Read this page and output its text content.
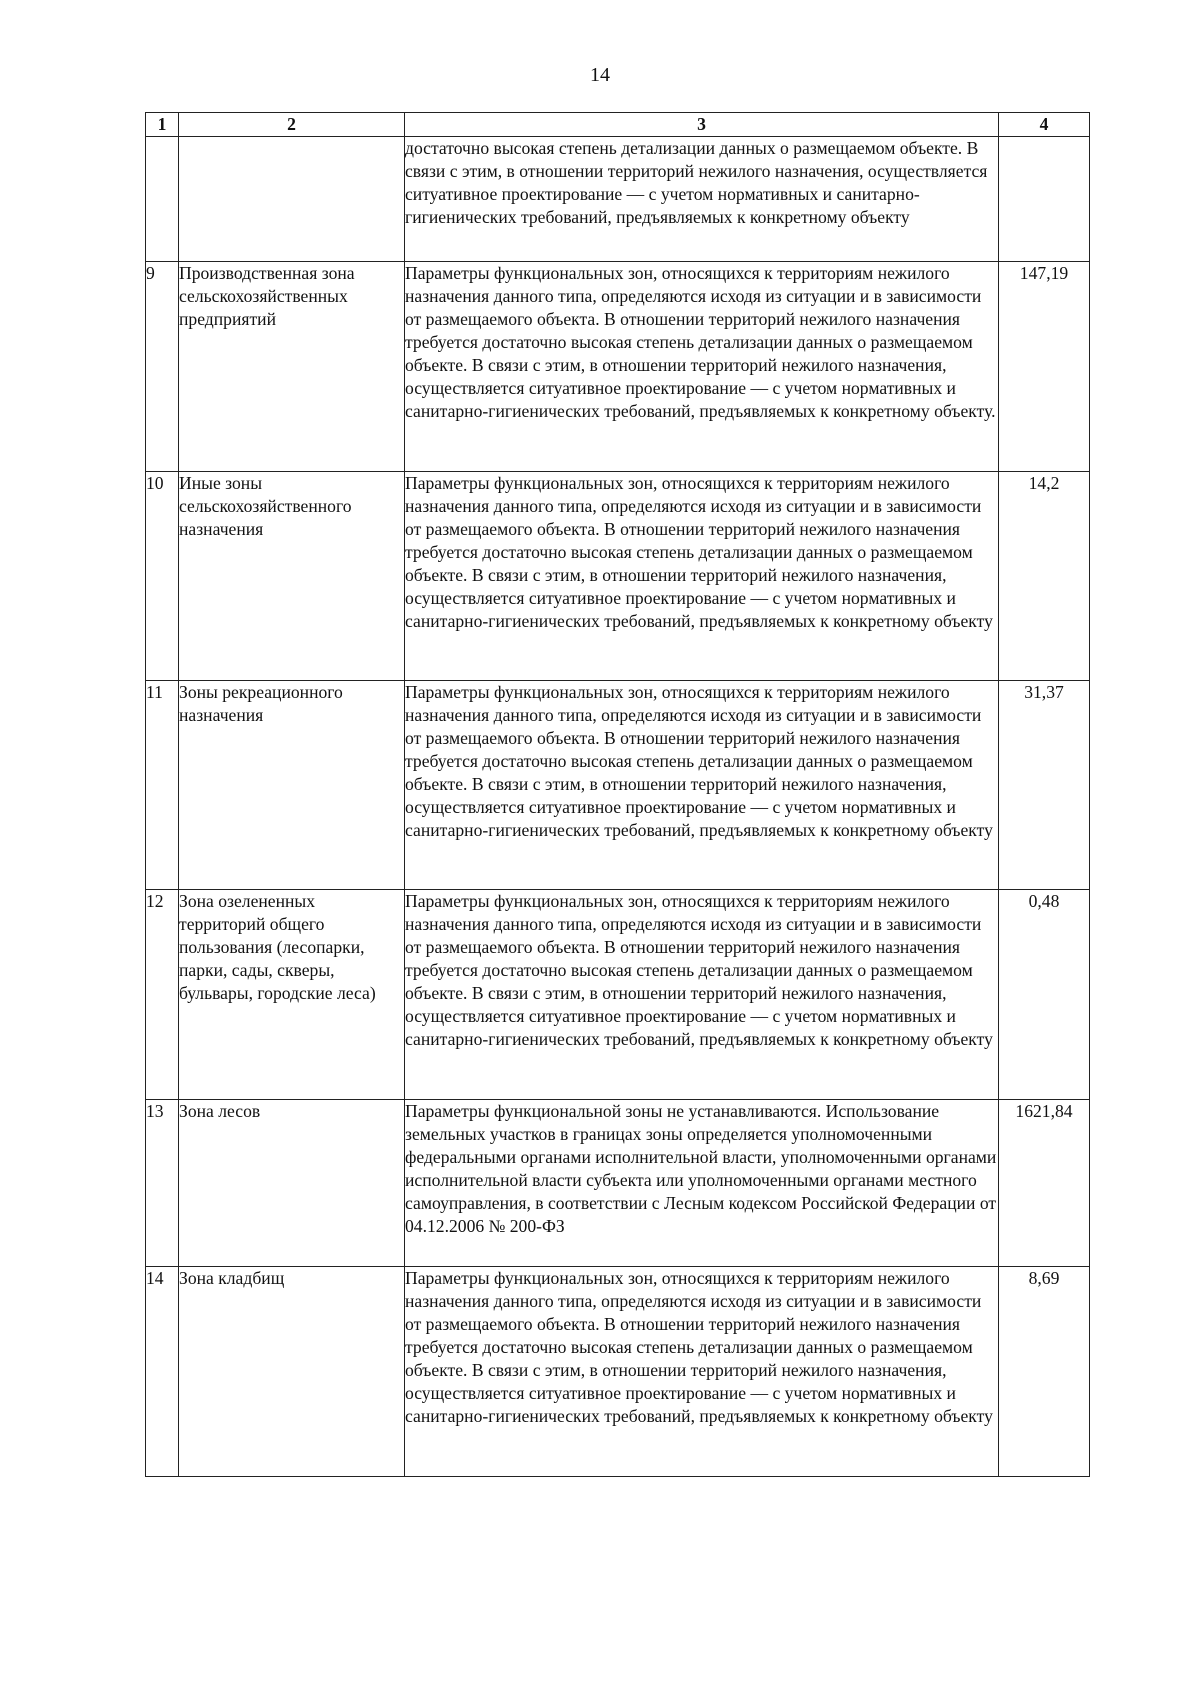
14
1	2	3	4
		достаточно высокая степень детализации данных о размещаемом объекте. В связи с этим, в отношении территорий нежилого назначения, осуществляется ситуативное проектирование — с учетом нормативных и санитарно-гигиенических требований, предъявляемых к конкретному объекту	
9	Производственная зона сельскохозяйственных предприятий	Параметры функциональных зон, относящихся к территориям нежилого назначения данного типа, определяются исходя из ситуации и в зависимости от размещаемого объекта. В отношении территорий нежилого назначения требуется достаточно высокая степень детализации данных о размещаемом объекте. В связи с этим, в отношении территорий нежилого назначения, осуществляется ситуативное проектирование — с учетом нормативных и санитарно-гигиенических требований, предъявляемых к конкретному объекту.	147,19
10	Иные зоны сельскохозяйственного назначения	Параметры функциональных зон, относящихся к территориям нежилого назначения данного типа, определяются исходя из ситуации и в зависимости от размещаемого объекта. В отношении территорий нежилого назначения требуется достаточно высокая степень детализации данных о размещаемом объекте. В связи с этим, в отношении территорий нежилого назначения, осуществляется ситуативное проектирование — с учетом нормативных и санитарно-гигиенических требований, предъявляемых к конкретному объекту	14,2
11	Зоны рекреационного назначения	Параметры функциональных зон, относящихся к территориям нежилого назначения данного типа, определяются исходя из ситуации и в зависимости от размещаемого объекта. В отношении территорий нежилого назначения требуется достаточно высокая степень детализации данных о размещаемом объекте. В связи с этим, в отношении территорий нежилого назначения, осуществляется ситуативное проектирование — с учетом нормативных и санитарно-гигиенических требований, предъявляемых к конкретному объекту	31,37
12	Зона озелененных территорий общего пользования (лесопарки, парки, сады, скверы, бульвары, городские леса)	Параметры функциональных зон, относящихся к территориям нежилого назначения данного типа, определяются исходя из ситуации и в зависимости от размещаемого объекта. В отношении территорий нежилого назначения требуется достаточно высокая степень детализации данных о размещаемом объекте. В связи с этим, в отношении территорий нежилого назначения, осуществляется ситуативное проектирование — с учетом нормативных и санитарно-гигиенических требований, предъявляемых к конкретному объекту	0,48
13	Зона лесов	Параметры функциональной зоны не устанавливаются. Использование земельных участков в границах зоны определяется уполномоченными федеральными органами исполнительной власти, уполномоченными органами исполнительной власти субъекта или уполномоченными органами местного самоуправления, в соответствии с Лесным кодексом Российской Федерации от 04.12.2006 № 200-ФЗ	1621,84
14	Зона кладбищ	Параметры функциональных зон, относящихся к территориям нежилого назначения данного типа, определяются исходя из ситуации и в зависимости от размещаемого объекта. В отношении территорий нежилого назначения требуется достаточно высокая степень детализации данных о размещаемом объекте. В связи с этим, в отношении территорий нежилого назначения, осуществляется ситуативное проектирование — с учетом нормативных и санитарно-гигиенических требований, предъявляемых к конкретному объекту	8,69
